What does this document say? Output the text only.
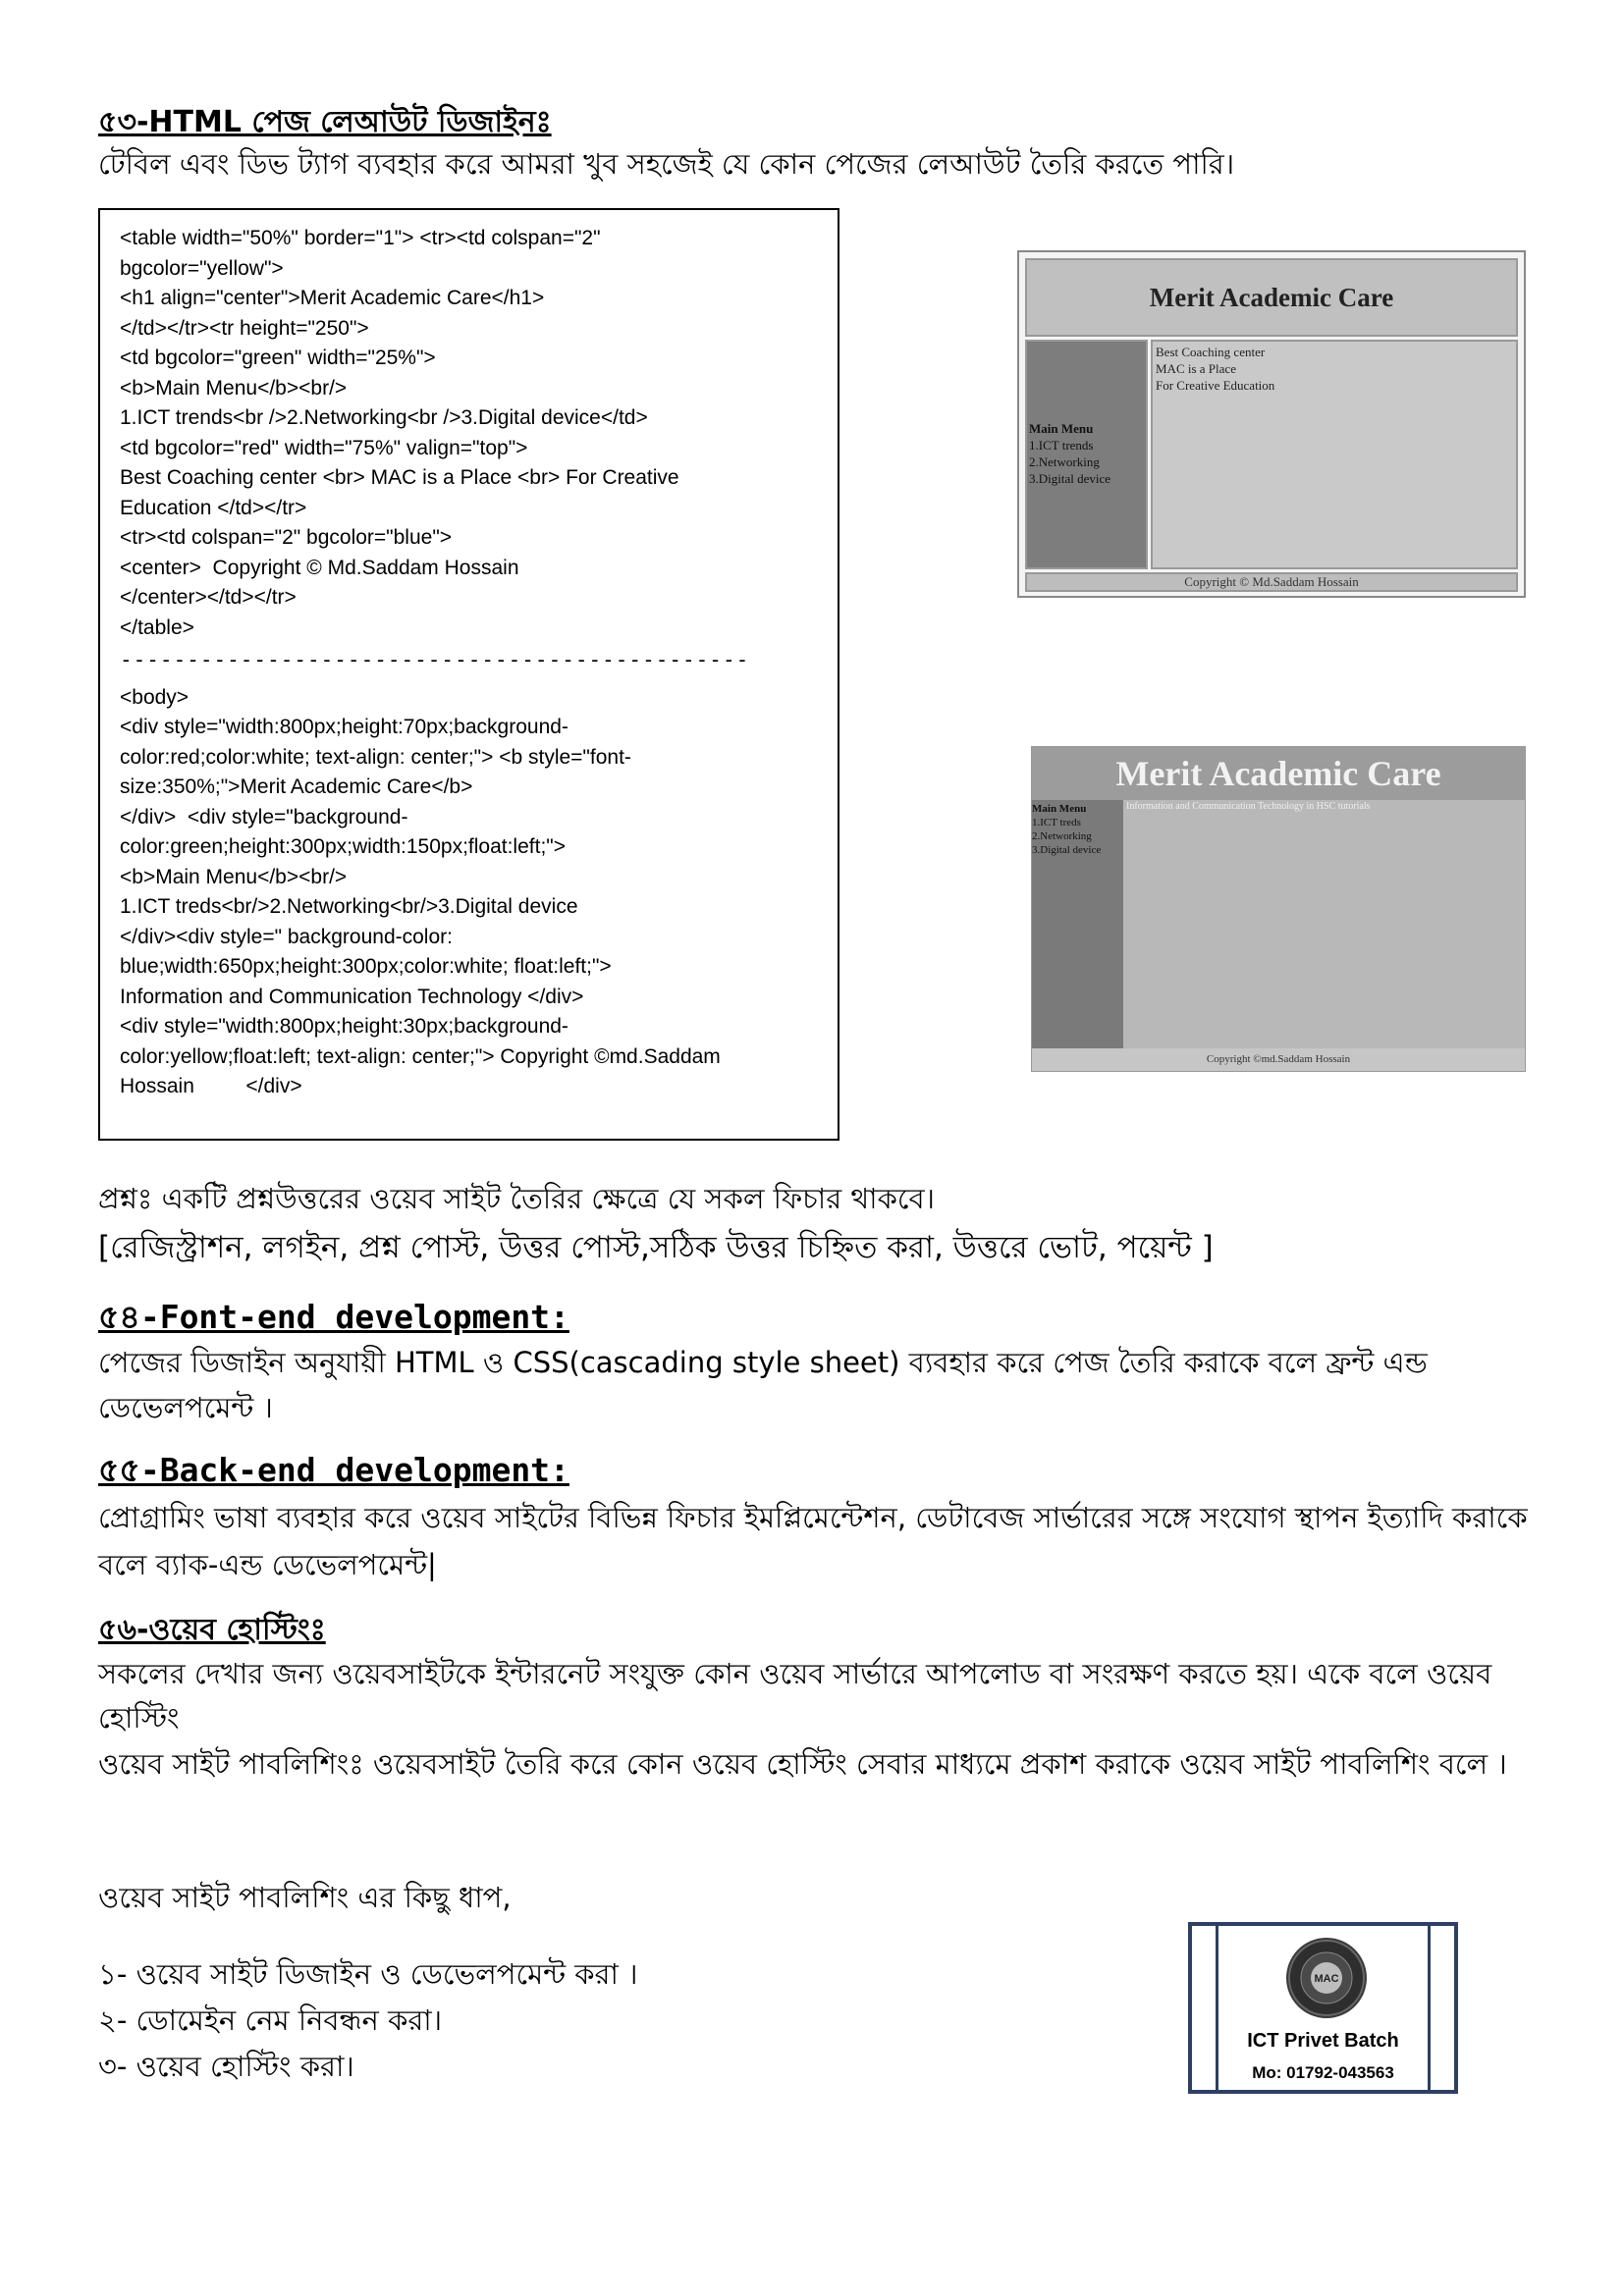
৫৩-HTML পেজ লেআউট ডিজাইনঃ
টেবিল এবং ডিভ ট্যাগ ব্যবহার করে আমরা খুব সহজেই যে কোন পেজের লেআউট তৈরি করতে পারি।
<table width="50%" border="1"> <tr><td colspan="2"
bgcolor="yellow">
<h1 align="center">Merit Academic Care</h1>
</td></tr><tr height="250">
<td bgcolor="green" width="25%">
<b>Main Menu</b><br/>
1.ICT trends<br />2.Networking<br />3.Digital device</td>
<td bgcolor="red" width="75%" valign="top">
Best Coaching center <br> MAC is a Place <br> For Creative
Education </td></tr>
<tr><td colspan="2" bgcolor="blue">
<center>  Copyright © Md.Saddam Hossain
</center></td></tr>
</table>
-----------------------------------------------
<body>
<div style="width:800px;height:70px;background-
color:red;color:white; text-align: center;"> <b style="font-
size:350%;">Merit Academic Care</b>
</div>  <div style="background-
color:green;height:300px;width:150px;float:left;">
<b>Main Menu</b><br/>
1.ICT treds<br/>2.Networking<br/>3.Digital device
</div><div style=" background-color:
blue;width:650px;height:300px;color:white; float:left;">
Information and Communication Technology </div>
<div style="width:800px;height:30px;background-
color:yellow;float:left; text-align: center;"> Copyright ©md.Saddam
Hossain         </div>
Merit Academic Care
Main Menu
1.ICT trends
2.Networking
3.Digital device
Best Coaching center
MAC is a Place
For Creative Education
Copyright © Md.Saddam Hossain
Merit Academic Care
Main Menu
1.ICT treds
2.Networking
3.Digital device
Information and Communication Technology in HSC tutorials
Copyright ©md.Saddam Hossain
প্রশ্নঃ একটি প্রশ্নউত্তরের ওয়েব সাইট তৈরির ক্ষেত্রে যে সকল ফিচার থাকবে।
[রেজিস্ট্রাশন, লগইন, প্রশ্ন পোস্ট, উত্তর পোস্ট,সঠিক উত্তর চিহ্নিত করা, উত্তরে ভোট, পয়েন্ট ]
৫৪-Font-end development:
পেজের ডিজাইন অনুযায়ী HTML ও CSS(cascading style sheet) ব্যবহার করে পেজ তৈরি করাকে বলে ফ্রন্ট এন্ড ডেভেলপমেন্ট ।
৫৫-Back-end development:
প্রোগ্রামিং ভাষা ব্যবহার করে ওয়েব সাইটের বিভিন্ন ফিচার ইমপ্লিমেন্টেশন, ডেটাবেজ সার্ভারের সঙ্গে সংযোগ স্থাপন ইত্যাদি করাকে বলে ব্যাক-এন্ড ডেভেলপমেন্ট|
৫৬-ওয়েব হোস্টিংঃ
সকলের দেখার জন্য ওয়েবসাইটকে ইন্টারনেট সংযুক্ত কোন ওয়েব সার্ভারে আপলোড বা সংরক্ষণ করতে হয়। একে বলে ওয়েব হোস্টিং
ওয়েব সাইট পাবলিশিংঃ ওয়েবসাইট তৈরি করে কোন ওয়েব হোস্টিং সেবার মাধ্যমে প্রকাশ করাকে ওয়েব সাইট পাবলিশিং বলে ।
ওয়েব সাইট পাবলিশিং এর কিছু ধাপ,
১- ওয়েব সাইট ডিজাইন ও ডেভেলপমেন্ট করা ।
২- ডোমেইন নেম নিবন্ধন করা।
৩- ওয়েব হোস্টিং করা।
MAC
ICT Privet Batch
Mo: 01792-043563
